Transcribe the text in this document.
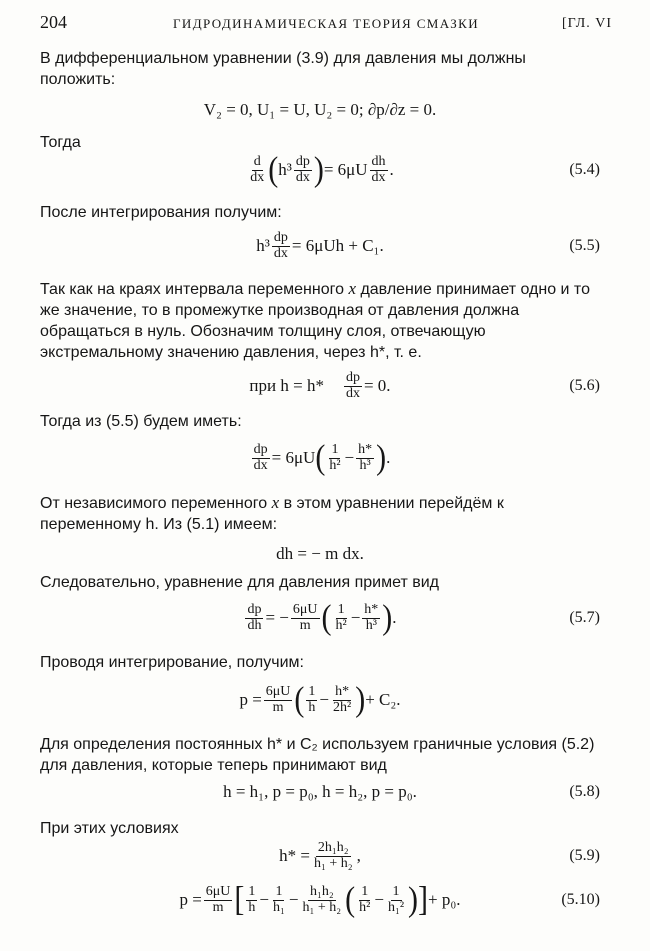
204	ГИДРОДИНАМИЧЕСКАЯ ТЕОРИЯ СМАЗКИ	[ГЛ. VI

В дифференциальном уравнении (3.9) для давления мы должны положить:

V₂ = 0, U₁ = U, U₂ = 0; ∂p/∂z = 0.

Тогда

$\frac{d}{dx}$ ( $h^3 \frac{dp}{dx}$ ) = $6\mu U \frac{dh}{dx}$ .	(5.4)

После интегрирования получим:

$h^3 \frac{dp}{dx} = 6\mu Uh + C_1$.	(5.5)

Так как на краях интервала переменного x давление принимает одно и то же значение, то в промежутке производная от давления должна обращаться в нуль. Обозначим толщину слоя, отвечающую экстремальному значению давления, через h*, т. е.

при $h = h* \frac{dp}{dx} = 0$.	(5.6)

Тогда из (5.5) будем иметь:

$\frac{dp}{dx} = 6\mu U$ ( $\frac{1}{\text{h²}} - \frac{h*}{\text{h³}}$ ) .

От независимого переменного x в этом уравнении перейдём к переменному h. Из (5.1) имеем:

dh = − m dx.

Следовательно, уравнение для давления примет вид

$\frac{dp}{dh}$ = − $\frac{6\mu U}{m}$ ( $\frac{1}{\text{h²}} - \frac{h*}{\text{h³}}$ ) .	(5.7)

Проводя интегрирование, получим:

$p = \frac{6\mu U}{m}$ ( $\frac{1}{h} - \frac{h*}{\text{2h²}}$ ) + C₂.

Для определения постоянных h* и C₂ используем граничные условия (5.2) для давления, которые теперь принимают вид

h = h₁, p = p₀, h = h₂, p = p₀.	(5.8)

При этих условиях

$h* = \frac{\text{2h₁h₂}}{\text{h₁ + h₂}}$ ,	(5.9)
$p = \frac{6\mu U}{m}$ [ $\frac{1}{h} - \frac{1}{\text{h₁}} - \frac{\text{h₁h₂}}{\text{h₁ + h₂}}$ ( $\frac{1}{\text{h²}} - \frac{1}{\text{h₁²}}$ )] + p₀.	(5.10)
